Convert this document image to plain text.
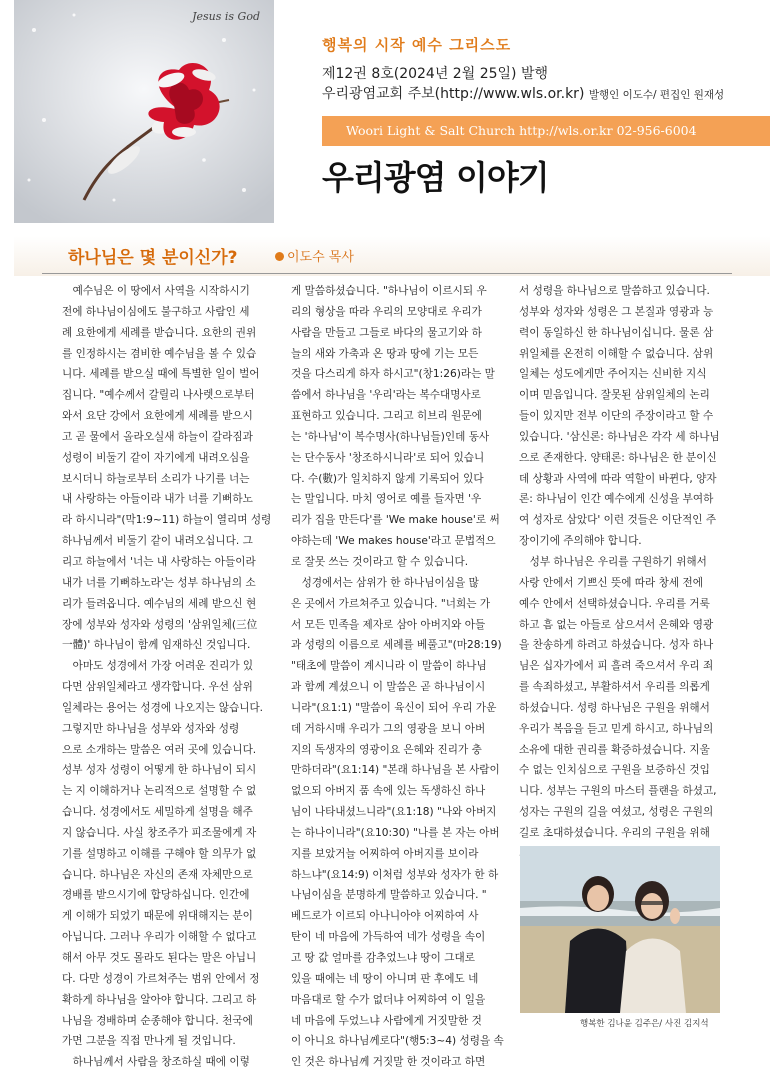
Jesus is God
행복의 시작 예수 그리스도
제12권 8호(2024년 2월 25일) 발행
우리광염교회 주보(http://www.wls.or.kr) 발행인 이도수/ 편집인 원재성
Woori Light & Salt Church http://wls.or.kr 02-956-6004
우리광염 이야기
하나님은 몇 분이신가?	이도수 목사

　예수님은 이 땅에서 사역을 시작하시기

전에 하나님이심에도 불구하고 사람인 세

례 요한에게 세례를 받습니다. 요한의 권위

를 인정하시는 겸비한 예수님을 볼 수 있습

니다. 세례를 받으실 때에 특별한 일이 벌어

집니다. "예수께서 갈릴리 나사렛으로부터

와서 요단 강에서 요한에게 세례를 받으시

고 곧 물에서 올라오실새 하늘이 갈라짐과

성령이 비둘기 같이 자기에게 내려오심을

보시더니 하늘로부터 소리가 나기를 너는

내 사랑하는 아들이라 내가 너를 기뻐하노

라 하시니라"(막1:9~11) 하늘이 열리며 성령

하나님께서 비둘기 같이 내려오십니다. 그

리고 하늘에서 '너는 내 사랑하는 아들이라

내가 너를 기뻐하노라'는 성부 하나님의 소

리가 들려옵니다. 예수님의 세례 받으신 현

장에 성부와 성자와 성령의 '삼위일체(三位

一體)' 하나님이 함께 임재하신 것입니다.

　아마도 성경에서 가장 어려운 진리가 있

다면 삼위일체라고 생각합니다. 우선 삼위

일체라는 용어는 성경에 나오지는 않습니다.

그렇지만 하나님을 성부와 성자와 성령

으로 소개하는 말씀은 여러 곳에 있습니다.

성부 성자 성령이 어떻게 한 하나님이 되시

는 지 이해하거나 논리적으로 설명할 수 없

습니다. 성경에서도 세밀하게 설명을 해주

지 않습니다. 사실 창조주가 피조물에게 자

기를 설명하고 이해를 구해야 할 의무가 없

습니다. 하나님은 자신의 존재 자체만으로

경배를 받으시기에 합당하십니다. 인간에

게 이해가 되었기 때문에 위대해지는 분이

아닙니다. 그러나 우리가 이해할 수 없다고

해서 아무 것도 몰라도 된다는 말은 아닙니

다. 다만 성경이 가르쳐주는 범위 안에서 정

확하게 하나님을 알아야 합니다. 그리고 하

나님을 경배하며 순종해야 합니다. 천국에

가면 그분을 직접 만나게 될 것입니다.

　하나님께서 사람을 창조하실 때에 이렇

게 말씀하셨습니다. "하나님이 이르시되 우

리의 형상을 따라 우리의 모양대로 우리가

사람을 만들고 그들로 바다의 물고기와 하

늘의 새와 가축과 온 땅과 땅에 기는 모든

것을 다스리게 하자 하시고"(창1:26)라는 말

씀에서 하나님을 '우리'라는 복수대명사로

표현하고 있습니다. 그리고 히브리 원문에

는 '하나님'이 복수명사(하나님들)인데 동사

는 단수동사 '창조하시니라'로 되어 있습니

다. 수(數)가 일치하지 않게 기록되어 있다

는 말입니다. 마치 영어로 예를 들자면 '우

리가 집을 만든다'를 'We make house'로 써

야하는데 'We makes house'라고 문법적으

로 잘못 쓰는 것이라고 할 수 있습니다.

　성경에서는 삼위가 한 하나님이심을 많

은 곳에서 가르쳐주고 있습니다. "너희는 가

서 모든 민족을 제자로 삼아 아버지와 아들

과 성령의 이름으로 세례를 베풀고"(마28:19)

"태초에 말씀이 계시니라 이 말씀이 하나님

과 함께 계셨으니 이 말씀은 곧 하나님이시

니라"(요1:1) "말씀이 육신이 되어 우리 가운

데 거하시매 우리가 그의 영광을 보니 아버

지의 독생자의 영광이요 은혜와 진리가 충

만하더라"(요1:14) "본래 하나님을 본 사람이

없으되 아버지 품 속에 있는 독생하신 하나

님이 나타내셨느니라"(요1:18) "나와 아버지

는 하나이니라"(요10:30) "나를 본 자는 아버

지를 보았거늘 어찌하여 아버지를 보이라

하느냐"(요14:9) 이처럼 성부와 성자가 한 하

나님이심을 분명하게 말씀하고 있습니다. "

베드로가 이르되 아나니아야 어찌하여 사

탄이 네 마음에 가득하여 네가 성령을 속이

고 땅 값 얼마를 감추었느냐 땅이 그대로

있을 때에는 네 땅이 아니며 판 후에도 네

마음대로 할 수가 없더냐 어찌하여 이 일을

네 마음에 두었느냐 사람에게 거짓말한 것

이 아니요 하나님께로다"(행5:3~4) 성령을 속

인 것은 하나님께 거짓말 한 것이라고 하면

서 성령을 하나님으로 말씀하고 있습니다.

성부와 성자와 성령은 그 본질과 영광과 능

력이 동일하신 한 하나님이십니다. 물론 삼

위일체를 온전히 이해할 수 없습니다. 삼위

일체는 성도에게만 주어지는 신비한 지식

이며 믿음입니다. 잘못된 삼위일체의 논리

들이 있지만 전부 이단의 주장이라고 할 수

있습니다. '삼신론: 하나님은 각각 세 하나님

으로 존재한다. 양태론: 하나님은 한 분이신

데 상황과 사역에 따라 역할이 바뀐다, 양자

론: 하나님이 인간 예수에게 신성을 부여하

여 성자로 삼았다' 이런 것들은 이단적인 주

장이기에 주의해야 합니다.

　성부 하나님은 우리를 구원하기 위해서

사랑 안에서 기쁘신 뜻에 따라 창세 전에

예수 안에서 선택하셨습니다. 우리를 거룩

하고 흠 없는 아들로 삼으셔서 은혜와 영광

을 찬송하게 하려고 하셨습니다. 성자 하나

님은 십자가에서 피 흘려 죽으셔서 우리 죄

를 속죄하셨고, 부활하셔서 우리를 의롭게

하셨습니다. 성령 하나님은 구원을 위해서

우리가 복음을 듣고 믿게 하시고, 하나님의

소유에 대한 권리를 확증하셨습니다. 지울

수 없는 인치심으로 구원을 보증하신 것입

니다. 성부는 구원의 마스터 플랜을 하셨고,

성자는 구원의 길을 여셨고, 성령은 구원의

길로 초대하셨습니다. 우리의 구원을 위해

행복한 김나윤 김주은/ 사진 김지석
